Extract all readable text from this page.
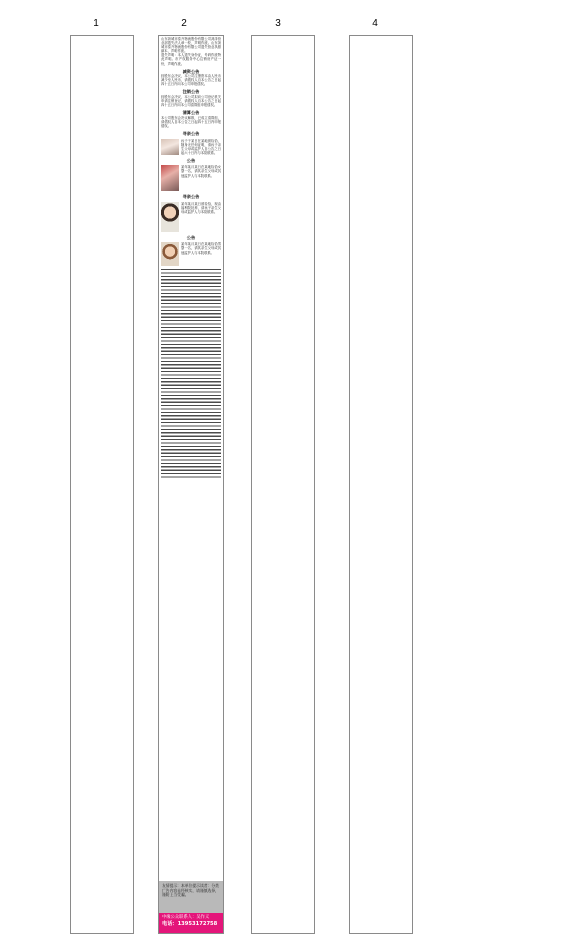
1	2	3	4
山东菏城市泰升物流股份有限公司菏泽营业部遗失法人章一枚，声明作废。山东菏城市泰升物流股份有限公司遗失营业执照副本，声明作废。
遗失声明：本人遗失身份证，号码作废特此声明。市产权服务中心注销房产证一份，声明作废。
减资公告
经股东会决议，本公司注册资本由人民币减少至人民币，请债权人自本公告之日起四十五日内向本公司申报债权。
注销公告
经股东会决议，本公司拟向公司登记机关申请注销登记，请债权人自本公告之日起四十五日内向本公司清算组申报债权。
清算公告
本公司股东会决议解散，已成立清算组，请债权人自本公告之日起四十五日内申报债权。
寻亲公告
孩子于某日在某地被捡拾，随身无任何证明，请孩子亲生父母或监护人自公告之日起六十日内与本院联系。
公告
某年某月某日在某地捡拾女婴一名，请其亲生父母或其他监护人与本院联系。
寻亲公告
某年某月某日被捡拾，现由福利院抚养，请孩子亲生父母或监护人与本院联系。
公告
某年某月某日在某地捡拾男婴一名，请其亲生父母或其他监护人与本院联系。
友情提示：本单位提示读者：分类广告内容未经核实，请谨慎选择，谨防上当受骗。
中缘公众联系人：吴作义
电话：13953172758
